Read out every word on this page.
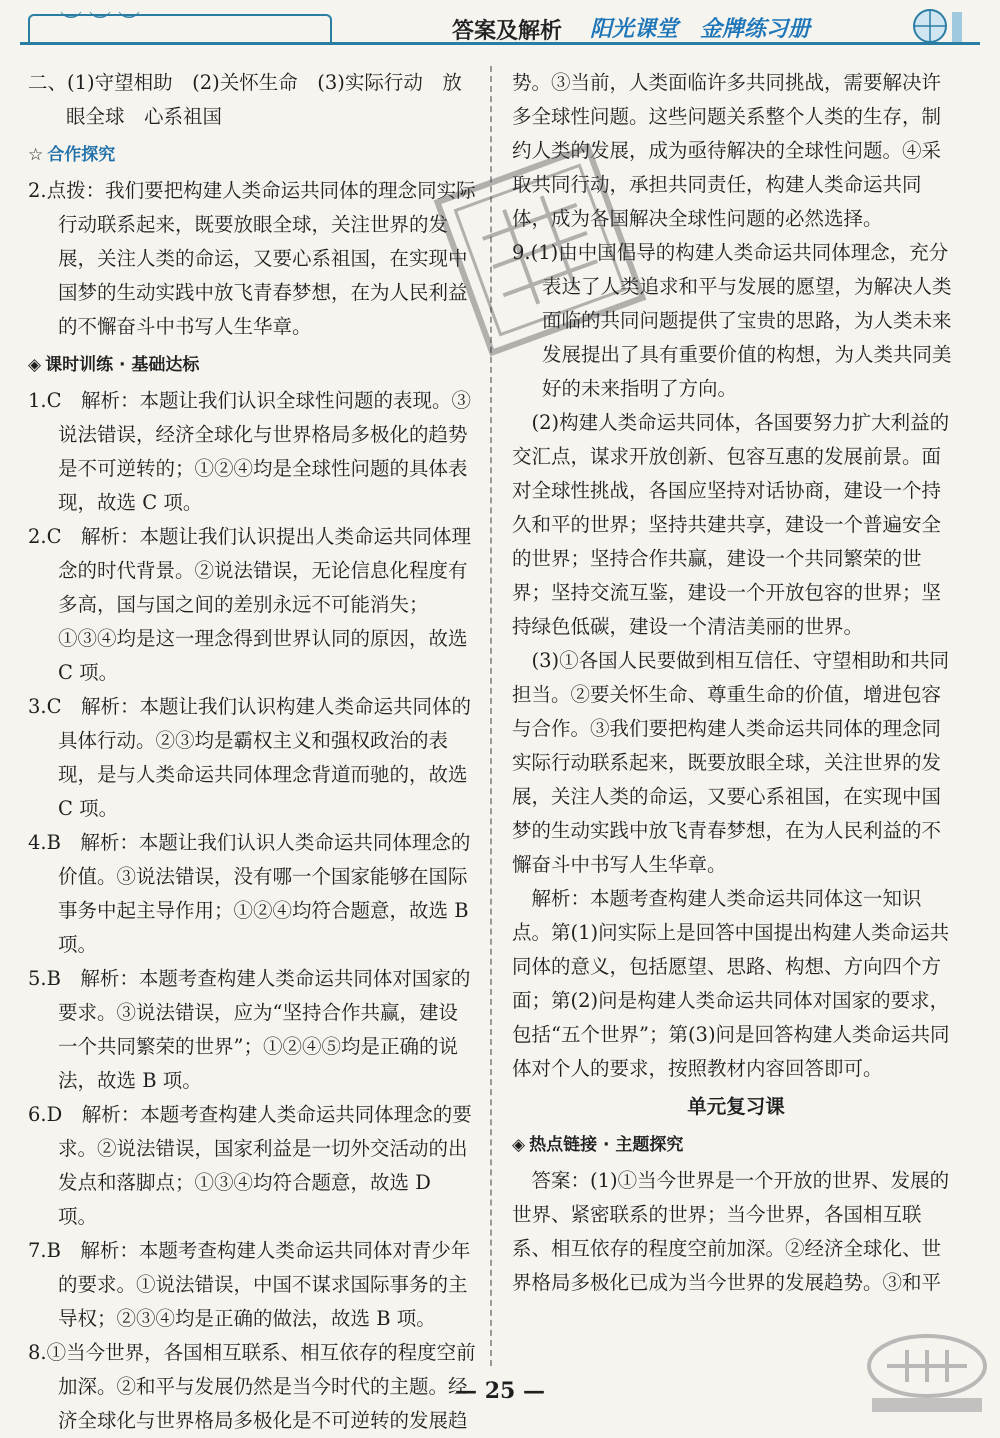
︶ ︶ ︶	答案及解析 阳光课堂　金牌练习册

二、(1)守望相助　(2)关怀生命　(3)实际行动　放

眼全球　心系祖国

☆ 合作探究

2.点拨：我们要把构建人类命运共同体的理念同实际行动联系起来，既要放眼全球，关注世界的发展，关注人类的命运，又要心系祖国，在实现中国梦的生动实践中放飞青春梦想，在为人民利益的不懈奋斗中书写人生华章。

◈ 课时训练 · 基础达标

1.C　解析：本题让我们认识全球性问题的表现。③说法错误，经济全球化与世界格局多极化的趋势是不可逆转的；①②④均是全球性问题的具体表现，故选 C 项。

2.C　解析：本题让我们认识提出人类命运共同体理念的时代背景。②说法错误，无论信息化程度有多高，国与国之间的差别永远不可能消失；①③④均是这一理念得到世界认同的原因，故选 C 项。

3.C　解析：本题让我们认识构建人类命运共同体的具体行动。②③均是霸权主义和强权政治的表现，是与人类命运共同体理念背道而驰的，故选 C 项。

4.B　解析：本题让我们认识人类命运共同体理念的价值。③说法错误，没有哪一个国家能够在国际事务中起主导作用；①②④均符合题意，故选 B 项。

5.B　解析：本题考查构建人类命运共同体对国家的要求。③说法错误，应为“坚持合作共赢，建设一个共同繁荣的世界”；①②④⑤均是正确的说法，故选 B 项。

6.D　解析：本题考查构建人类命运共同体理念的要求。②说法错误，国家利益是一切外交活动的出发点和落脚点；①③④均符合题意，故选 D 项。

7.B　解析：本题考查构建人类命运共同体对青少年的要求。①说法错误，中国不谋求国际事务的主导权；②③④均是正确的做法，故选 B 项。

8.①当今世界，各国相互联系、相互依存的程度空前加深。②和平与发展仍然是当今时代的主题。经济全球化与世界格局多极化是不可逆转的发展趋

势。③当前，人类面临许多共同挑战，需要解决许多全球性问题。这些问题关系整个人类的生存，制约人类的发展，成为亟待解决的全球性问题。④采取共同行动，承担共同责任，构建人类命运共同体，成为各国解决全球性问题的必然选择。

9.(1)由中国倡导的构建人类命运共同体理念，充分表达了人类追求和平与发展的愿望，为解决人类面临的共同问题提供了宝贵的思路，为人类未来发展提出了具有重要价值的构想，为人类共同美好的未来指明了方向。

(2)构建人类命运共同体，各国要努力扩大利益的交汇点，谋求开放创新、包容互惠的发展前景。面对全球性挑战，各国应坚持对话协商，建设一个持久和平的世界；坚持共建共享，建设一个普遍安全的世界；坚持合作共赢，建设一个共同繁荣的世界；坚持交流互鉴，建设一个开放包容的世界；坚持绿色低碳，建设一个清洁美丽的世界。

(3)①各国人民要做到相互信任、守望相助和共同担当。②要关怀生命、尊重生命的价值，增进包容与合作。③我们要把构建人类命运共同体的理念同实际行动联系起来，既要放眼全球，关注世界的发展，关注人类的命运，又要心系祖国，在实现中国梦的生动实践中放飞青春梦想，在为人民利益的不懈奋斗中书写人生华章。

解析：本题考查构建人类命运共同体这一知识点。第(1)问实际上是回答中国提出构建人类命运共同体的意义，包括愿望、思路、构想、方向四个方面；第(2)问是构建人类命运共同体对国家的要求，包括“五个世界”；第(3)问是回答构建人类命运共同体对个人的要求，按照教材内容回答即可。

单元复习课
◈ 热点链接 · 主题探究

答案：(1)①当今世界是一个开放的世界、发展的世界、紧密联系的世界；当今世界，各国相互联系、相互依存的程度空前加深。②经济全球化、世界格局多极化已成为当今世界的发展趋势。③和平

— 25 —
